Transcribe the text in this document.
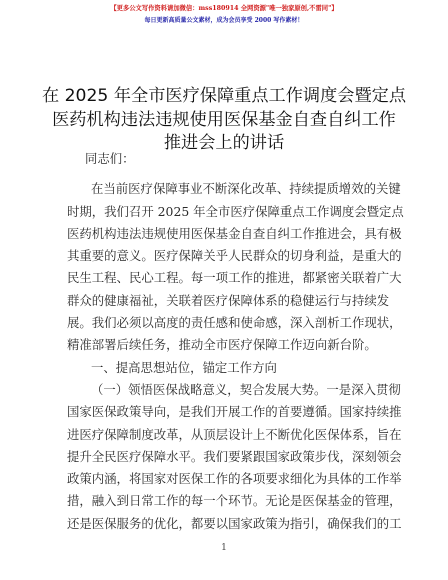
【更多公文写作资料请加微信：mss180914 全网资源"唯一独家原创,不雷同"】
每日更新高质量公文素材，成为会员享受 2000 写作素材！
在 2025 年全市医疗保障重点工作调度会暨定点
医药机构违法违规使用医保基金自查自纠工作
推进会上的讲话
同志们：
在当前医疗保障事业不断深化改革、持续提质增效的关键
时期，我们召开 2025 年全市医疗保障重点工作调度会暨定点
医药机构违法违规使用医保基金自查自纠工作推进会，具有极
其重要的意义。医疗保障关乎人民群众的切身利益，是重大的
民生工程、民心工程。每一项工作的推进，都紧密关联着广大
群众的健康福祉，关联着医疗保障体系的稳健运行与持续发
展。我们必须以高度的责任感和使命感，深入剖析工作现状，
精准部署后续任务，推动全市医疗保障工作迈向新台阶。
一、提高思想站位，锚定工作方向
（一）领悟医保战略意义，契合发展大势。一是深入贯彻
国家医保政策导向，是我们开展工作的首要遵循。国家持续推
进医疗保障制度改革，从顶层设计上不断优化医保体系，旨在
提升全民医疗保障水平。我们要紧跟国家政策步伐，深刻领会
政策内涵，将国家对医保工作的各项要求细化为具体的工作举
措，融入到日常工作的每一个环节。无论是医保基金的管理，
还是医保服务的优化，都要以国家政策为指引，确保我们的工
1
